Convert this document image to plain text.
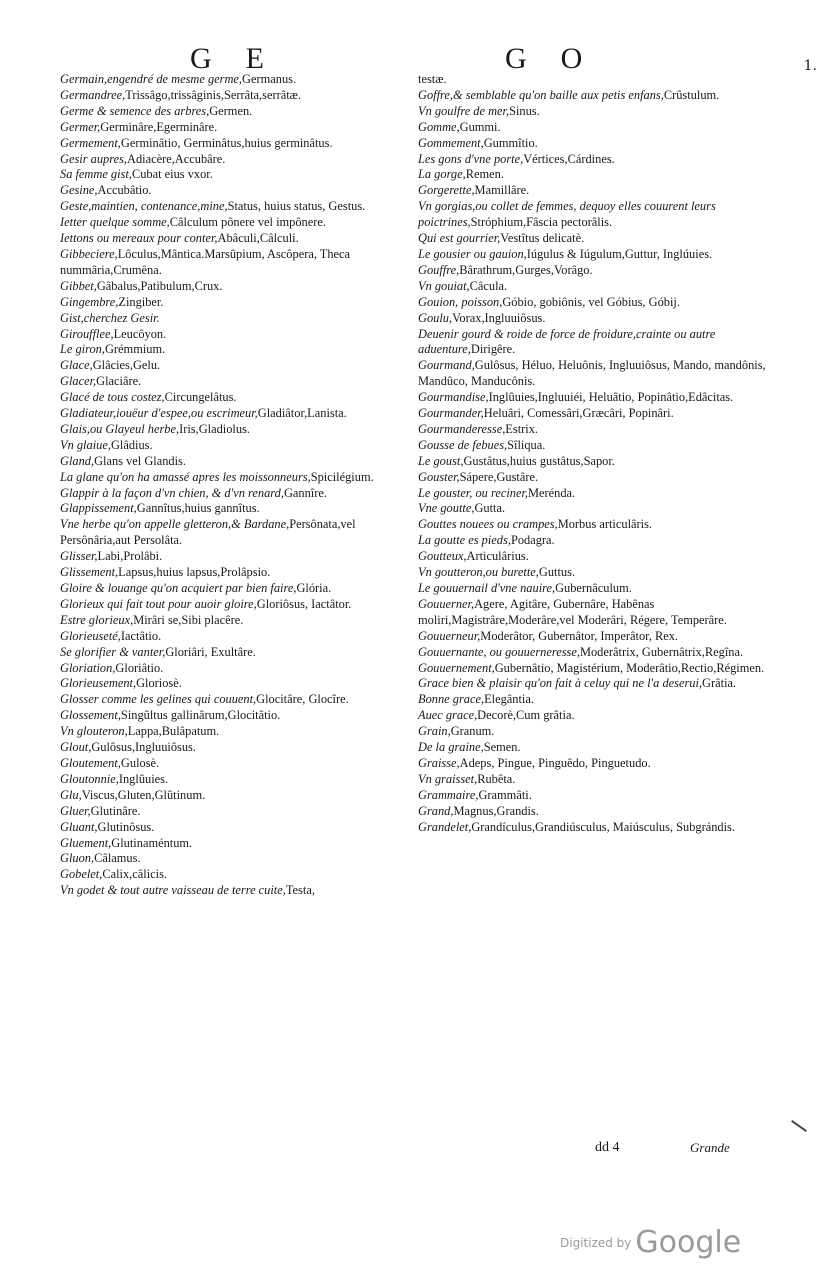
GE	GO	1.
Germain,engendré de mesme germe,Germanus.
Germandree,Trissâgo,trissâginis,Serrâta,serrâtæ.
Germe & semence des arbres,Germen.
Germer,Germinâre,Egerminâre.
Germement,Germinâtio, Germinâtus,huius germinâtus.
Gesir aupres,Adiacère,Accubâre.
Sa femme gist,Cubat eius vxor.
Gesine,Accubâtio.
Geste,maintien, contenance,mine,Status, huius status, Gestus.
Ietter quelque somme,Câlculum pônere vel impônere.
Iettons ou mereaux pour conter,Abâculi,Câlculi.
Gibbeciere,Lôculus,Mântica.Marsûpium, Ascôpera, Theca nummâria,Crumêna.
Gibbet,Gâbalus,Patibulum,Crux.
Gingembre,Zingiber.
Gist,cherchez Gesir.
Giroufflee,Leucôyon.
Le giron,Grémmium.
Glace,Glâcies,Gelu.
Glacer,Glaciâre.
Glacé de tous costez,Circungelâtus.
Gladiateur,iouëur d'espee,ou escrimeur,Gladiâtor,Lanista.
Glais,ou Glayeul herbe,Iris,Gladiolus.
Vn glaiue,Glâdius.
Gland,Glans vel Glandis.
La glane qu'on ha amassé apres les moissonneurs,Spicilégium.
Glappir à la façon d'vn chien, & d'vn renard,Gannîre.
Glappissement,Gannîtus,huius gannîtus.
Vne herbe qu'on appelle gletteron,& Bardane,Persônata,vel Persônâria,aut Persolâta.
Glisser,Labi,Prolâbi.
Glissement,Lapsus,huius lapsus,Prolâpsio.
Gloire & louange qu'on acquiert par bien faire,Glória.
Glorieux qui fait tout pour auoir gloire,Gloriôsus, Iactâtor.
Estre glorieux,Mirâri se,Sibi placêre.
Glorieuseté,Iactâtio.
Se glorifier & vanter,Gloriâri, Exultâre.
Gloriation,Gloriâtio.
Glorieusement,Gloriosè.
Glosser comme les gelines qui couuent,Glocitâre, Glocîre.
Glossement,Singûltus gallinârum,Glocitâtio.
Vn glouteron,Lappa,Bulâpatum.
Glout,Gulôsus,Ingluuiôsus.
Gloutement,Gulosè.
Gloutonnie,Inglûuies.
Glu,Viscus,Gluten,Glûtinum.
Gluer,Glutinâre.
Gluant,Glutinôsus.
Gluement,Glutinaméntum.
Gluon,Câlamus.
Gobelet,Calix,câlicis.
Vn godet & tout autre vaisseau de terre cuite,Testa,
testæ.
Goffre,& semblable qu'on baille aux petis enfans,Crûstulum.
Vn goulfre de mer,Sinus.
Gomme,Gummi.
Gommement,Gummîtio.
Les gons d'vne porte,Vértices,Cárdines.
La gorge,Remen.
Gorgerette,Mamillâre.
Vn gorgias,ou collet de femmes, dequoy elles couurent leurs poictrines,Stróphium,Fâscia pectorâlis.
Qui est gourrier,Vestîtus delicatè.
Le gousier ou gauion,Iúgulus & Iúgulum,Guttur, Inglúuies.
Gouffre,Bârathrum,Gurges,Vorâgo.
Vn gouiat,Câcula.
Gouion, poisson,Góbio, gobiônis, vel Góbius, Góbij.
Goulu,Vorax,Ingluuiôsus.
Deuenir gourd & roide de force de froidure,crainte ou autre aduenture,Dirigêre.
Gourmand,Gulôsus, Héluo, Heluônis, Ingluuiôsus, Mando, mandônis, Mandûco, Manducônis.
Gourmandise,Inglûuies,Ingluuiéi, Heluâtio, Popinâtio,Edâcitas.
Gourmander,Heluâri, Comessâri,Græcâri, Popinâri.
Gourmanderesse,Estrix.
Gousse de febues,Sîliqua.
Le goust,Gustâtus,huius gustâtus,Sapor.
Gouster,Sápere,Gustâre.
Le gouster, ou reciner,Merénda.
Vne goutte,Gutta.
Gouttes nouees ou crampes,Morbus articulâris.
La goutte es pieds,Podagra.
Goutteux,Articulârius.
Vn goutteron,ou burette,Guttus.
Le gouuernail d'vne nauire,Gubernâculum.
Gouuerner,Agere, Agitâre, Gubernâre, Habênas moliri,Magistrâre,Moderâre,vel Moderâri, Régere, Temperâre.
Gouuerneur,Moderâtor, Gubernâtor, Imperâtor, Rex.
Gouuernante, ou gouuerneresse,Moderâtrix, Gubernâtrix,Regîna.
Gouuernement,Gubernâtio, Magistérium, Moderâtio,Rectio,Régimen.
Grace bien & plaisir qu'on fait à celuy qui ne l'a deserui,Grâtia.
Bonne grace,Elegântia.
Auec grace,Decorè,Cum grâtia.
Grain,Granum.
De la graine,Semen.
Graisse,Adeps, Pingue, Pinguêdo, Pinguetudo.
Vn graisset,Rubêta.
Grammaire,Grammâti.
Grand,Magnus,Grandis.
Grandelet,Grandículus,Grandiúsculus, Maiúsculus, Subgrándis.
dd 4	Grande
Digitized by Google
